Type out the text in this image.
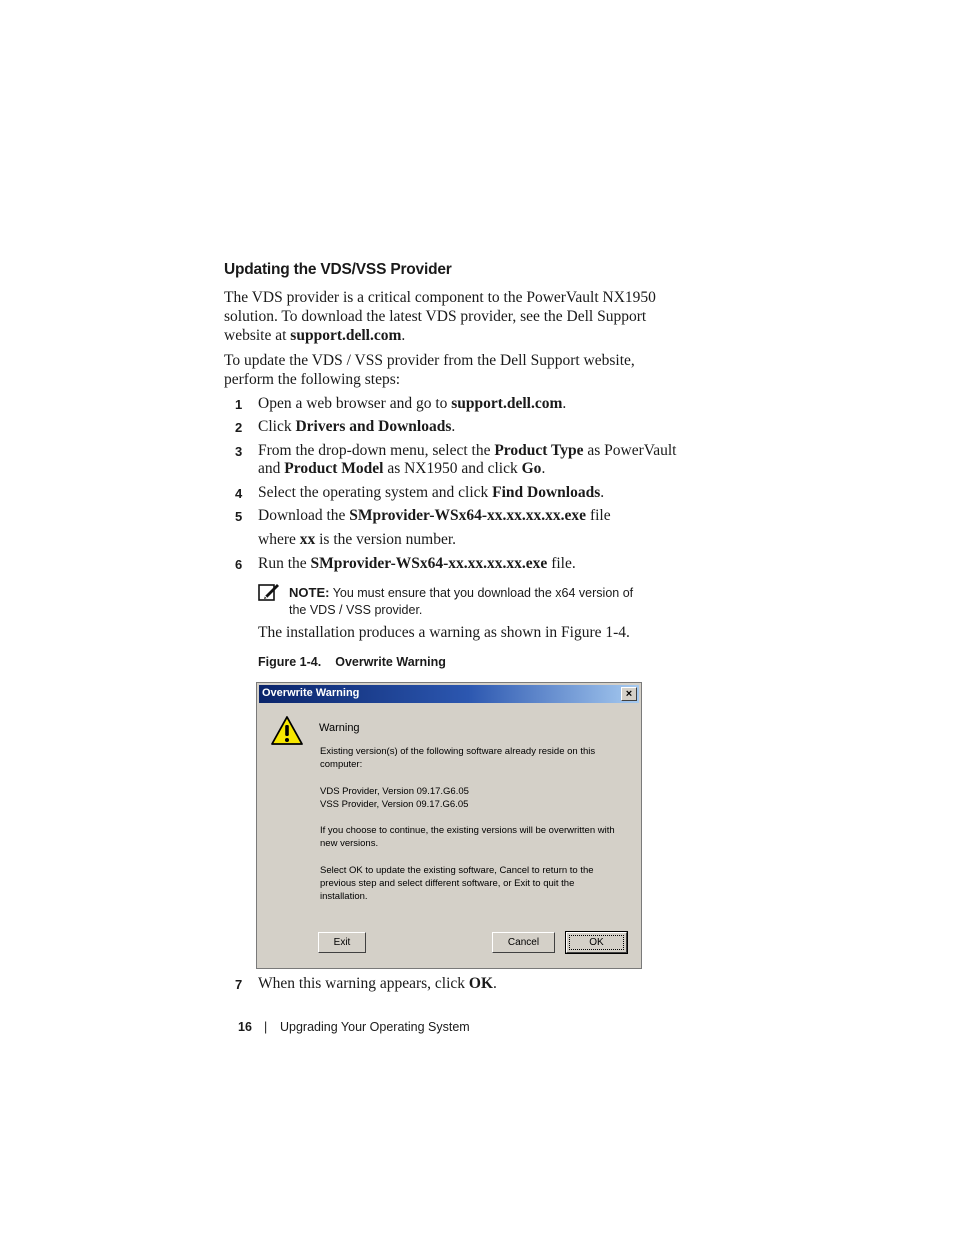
Updating the VDS/VSS Provider
The VDS provider is a critical component to the PowerVault NX1950 solution. To download the latest VDS provider, see the Dell Support website at support.dell.com.
To update the VDS / VSS provider from the Dell Support website, perform the following steps:
1 Open a web browser and go to support.dell.com.
2 Click Drivers and Downloads.
3 From the drop-down menu, select the Product Type as PowerVault and Product Model as NX1950 and click Go.
4 Select the operating system and click Find Downloads.
5 Download the SMprovider-WSx64-xx.xx.xx.xx.exe file
where xx is the version number.
6 Run the SMprovider-WSx64-xx.xx.xx.xx.exe file.
NOTE: You must ensure that you download the x64 version of the VDS / VSS provider.
The installation produces a warning as shown in Figure 1-4.
Figure 1-4. Overwrite Warning
Overwrite Warning	×
Warning
Existing version(s) of the following software already reside on this computer:
VDS Provider, Version 09.17.G6.05
VSS Provider, Version 09.17.G6.05
If you choose to continue, the existing versions will be overwritten with new versions.
Select OK to update the existing software, Cancel to return to the previous step and select different software, or Exit to quit the installation.
Exit	Cancel	OK
7 When this warning appears, click OK.
16 | Upgrading Your Operating System
